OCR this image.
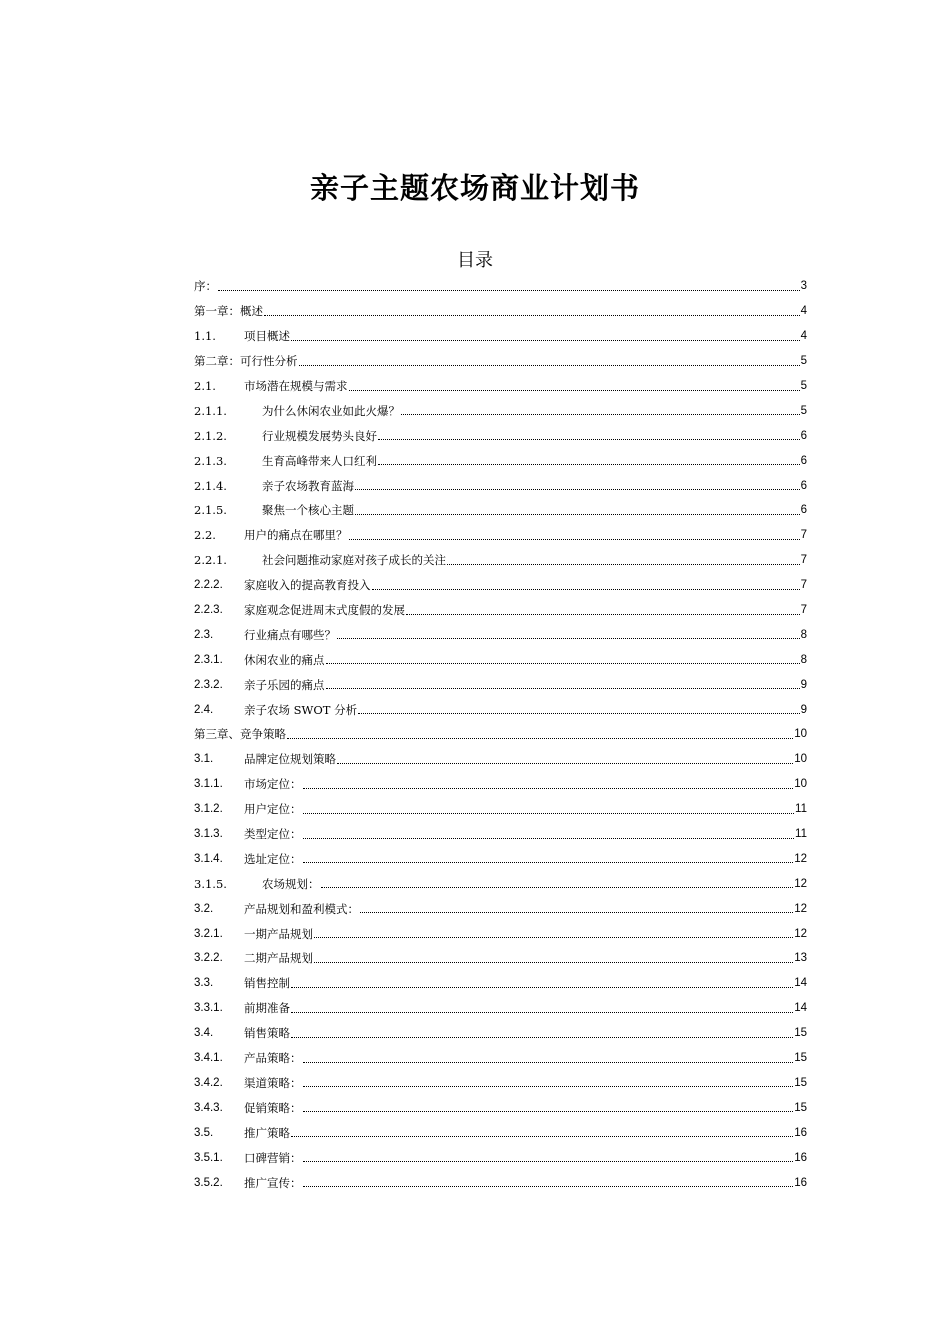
亲子主题农场商业计划书
目录
序：	3
第一章：概述	4
1.1.	项目概述	4
第二章：可行性分析	5
2.1.	市场潜在规模与需求	5
2.1.1.	为什么休闲农业如此火爆？	5
2.1.2.	行业规模发展势头良好	6
2.1.3.	生育高峰带来人口红利	6
2.1.4.	亲子农场教育蓝海	6
2.1.5.	聚焦一个核心主题	6
2.2.	用户的痛点在哪里？	7
2.2.1.	社会问题推动家庭对孩子成长的关注	7
2.2.2.	家庭收入的提高教育投入	7
2.2.3.	家庭观念促进周末式度假的发展	7
2.3.	行业痛点有哪些？	8
2.3.1.	休闲农业的痛点	8
2.3.2.	亲子乐园的痛点	9
2.4.	亲子农场 SWOT 分析	9
第三章、竞争策略	10
3.1.	品牌定位规划策略	10
3.1.1.	市场定位：	10
3.1.2.	用户定位：	11
3.1.3.	类型定位：	11
3.1.4.	选址定位：	12
3.1.5.	农场规划：	12
3.2.	产品规划和盈利模式：	12
3.2.1.	一期产品规划	12
3.2.2.	二期产品规划	13
3.3.	销售控制	14
3.3.1.	前期准备	14
3.4.	销售策略	15
3.4.1.	产品策略：	15
3.4.2.	渠道策略：	15
3.4.3.	促销策略：	15
3.5.	推广策略	16
3.5.1.	口碑营销：	16
3.5.2.	推广宣传：	16
